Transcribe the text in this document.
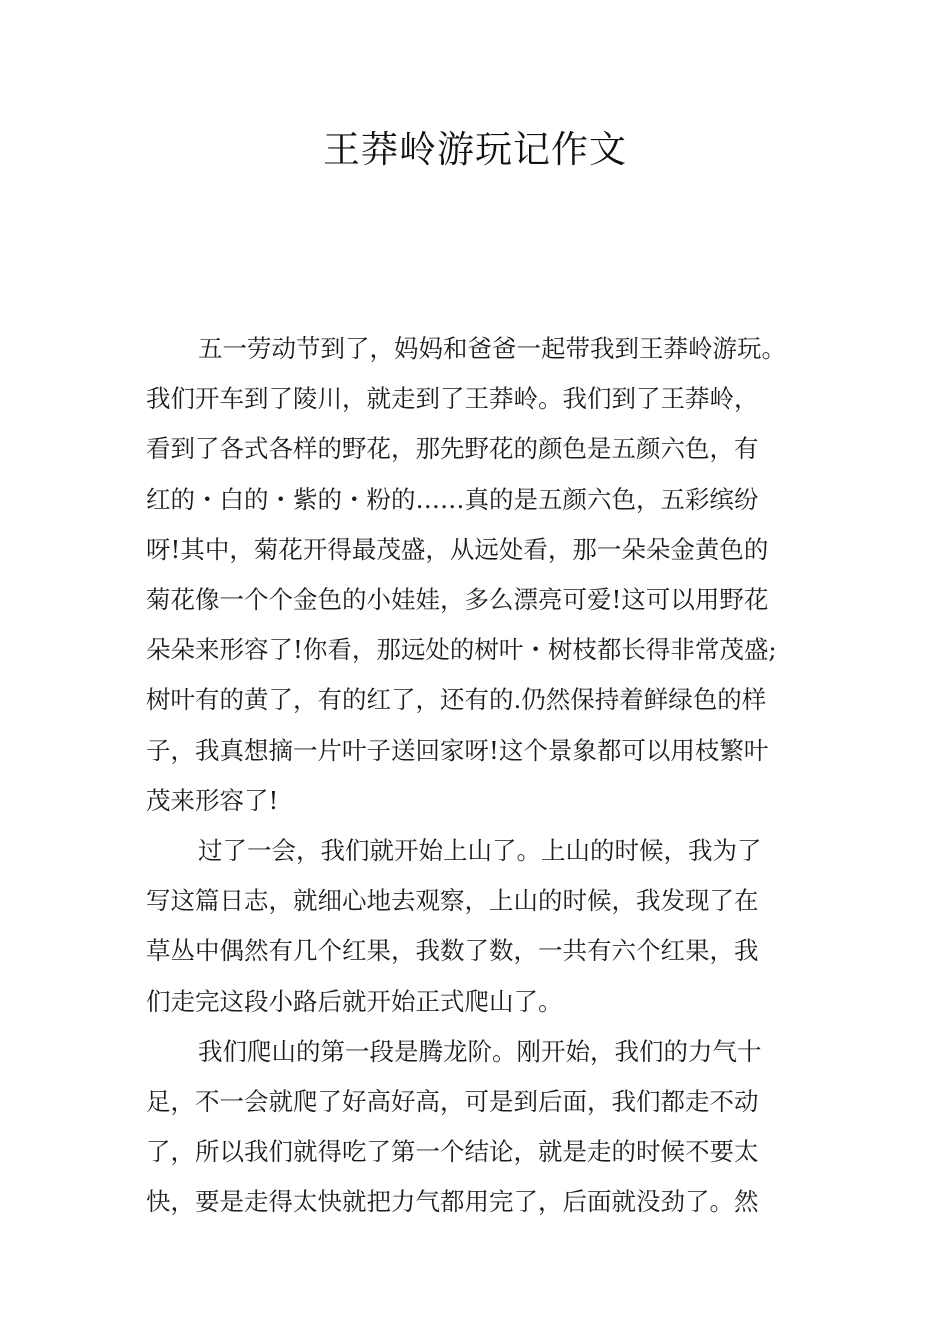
王莽岭游玩记作文
五一劳动节到了，妈妈和爸爸一起带我到王莽岭游玩。
我们开车到了陵川，就走到了王莽岭。我们到了王莽岭，
看到了各式各样的野花，那先野花的颜色是五颜六色，有
红的・白的・紫的・粉的……真的是五颜六色，五彩缤纷
呀!其中，菊花开得最茂盛，从远处看，那一朵朵金黄色的
菊花像一个个金色的小娃娃，多么漂亮可爱!这可以用野花
朵朵来形容了!你看，那远处的树叶・树枝都长得非常茂盛;
树叶有的黄了，有的红了，还有的.仍然保持着鲜绿色的样
子，我真想摘一片叶子送回家呀!这个景象都可以用枝繁叶
茂来形容了!
过了一会，我们就开始上山了。上山的时候，我为了
写这篇日志，就细心地去观察，上山的时候，我发现了在
草丛中偶然有几个红果，我数了数，一共有六个红果，我
们走完这段小路后就开始正式爬山了。
我们爬山的第一段是腾龙阶。刚开始，我们的力气十
足，不一会就爬了好高好高，可是到后面，我们都走不动
了，所以我们就得吃了第一个结论，就是走的时候不要太
快，要是走得太快就把力气都用完了，后面就没劲了。然
